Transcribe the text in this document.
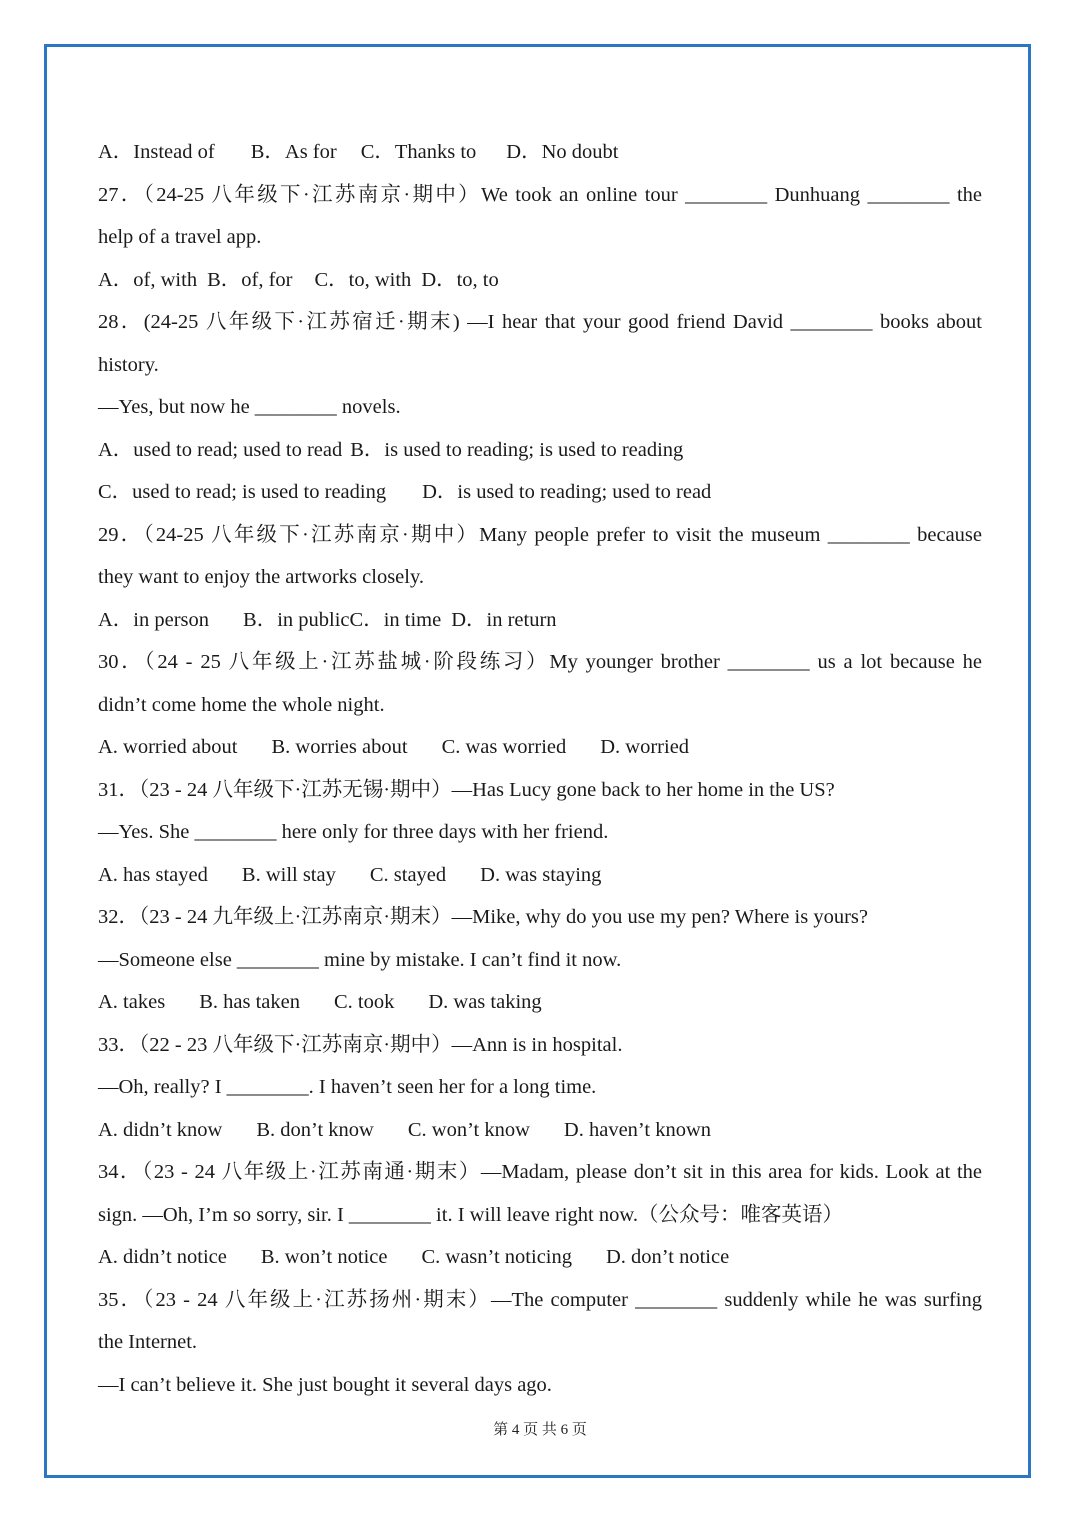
A．Instead of B．As for C．Thanks to D．No doubt
27．（24-25 八年级下·江苏南京·期中）We took an online tour ________ Dunhuang ________ the
help of a travel app.
A．of, with B．of, for C．to, with D．to, to
28．(24-25 八年级下·江苏宿迁·期末) —I hear that your good friend David ________ books about
history.
—Yes, but now he ________ novels.
A．used to read; used to read B．is used to reading; is used to reading
C．used to read; is used to reading D．is used to reading; used to read
29．（24-25 八年级下·江苏南京·期中）Many people prefer to visit the museum ________ because
they want to enjoy the artworks closely.
A．in person B．in publicC．in time D．in return
30．（24 - 25 八年级上·江苏盐城·阶段练习）My younger brother ________ us a lot because he
didn’t come home the whole night.
A. worried about B. worries about C. was worried D. worried
31．（23 - 24 八年级下·江苏无锡·期中）—Has Lucy gone back to her home in the US?
—Yes. She ________ here only for three days with her friend.
A. has stayed B. will stay C. stayed D. was staying
32．（23 - 24 九年级上·江苏南京·期末）—Mike, why do you use my pen? Where is yours?
—Someone else ________ mine by mistake. I can’t find it now.
A. takes B. has taken C. took D. was taking
33．（22 - 23 八年级下·江苏南京·期中）—Ann is in hospital.
—Oh, really? I ________. I haven’t seen her for a long time.
A. didn’t know B. don’t know C. won’t know D. haven’t known
34．（23 - 24 八年级上·江苏南通·期末）—Madam, please don’t sit in this area for kids. Look at the
sign. —Oh, I’m so sorry, sir. I ________ it. I will leave right now.（公众号：唯客英语）
A. didn’t notice B. won’t notice C. wasn’t noticing D. don’t notice
35．（23 - 24 八年级上·江苏扬州·期末）—The computer ________ suddenly while he was surfing
the Internet.
—I can’t believe it. She just bought it several days ago.
第 4 页 共 6 页
